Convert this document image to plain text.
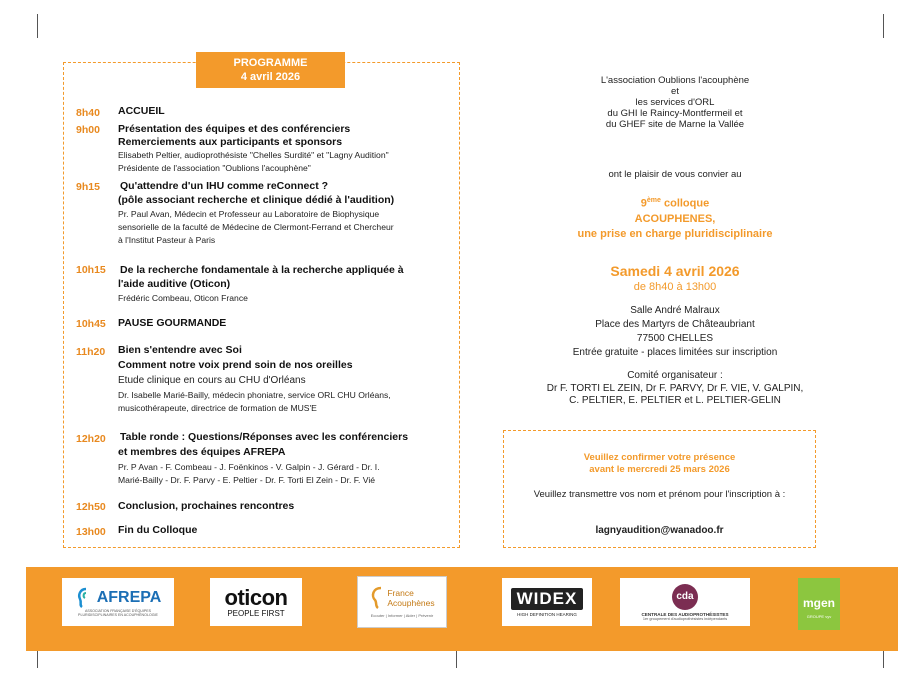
PROGRAMME
4 avril 2026
8h40 ACCUEIL
9h00 Présentation des équipes et des conférenciers
Remerciements aux participants et sponsors
Elisabeth Peltier, audioprothésiste "Chelles Surdité" et "Lagny Audition"
Présidente de l'association "Oublions l'acouphène"
9h15 Qu'attendre d'un IHU comme reConnect ?
(pôle associant recherche et clinique dédié à l'audition)
Pr. Paul Avan, Médecin et Professeur au Laboratoire de Biophysique
sensorielle de la faculté de Médecine de Clermont-Ferrand et Chercheur
à l'Institut Pasteur à Paris
10h15 De la recherche fondamentale à la recherche appliquée à
l'aide auditive (Oticon)
Frédéric Combeau, Oticon France
10h45 PAUSE GOURMANDE
11h20 Bien s'entendre avec Soi
Comment notre voix prend soin de nos oreilles
Etude clinique en cours au CHU d'Orléans
Dr. Isabelle Marié-Bailly, médecin phoniatre, service ORL CHU Orléans,
musicothérapeute, directrice de formation de MUS'E
12h20 Table ronde : Questions/Réponses avec les conférenciers
et membres des équipes AFREPA
Pr. P Avan - F. Combeau - J. Foënkinos - V. Galpin - J. Gérard - Dr. I.
Marié-Bailly - Dr. F. Parvy - E. Peltier - Dr. F. Torti El Zein - Dr. F. Vié
12h50 Conclusion, prochaines rencontres
13h00 Fin du Colloque
L'association Oublions l'acouphène
et
les services d'ORL
du GHI le Raincy-Montfermeil et
du GHEF site de Marne la Vallée
ont le plaisir de vous convier au
9ème colloque
ACOUPHENES,
une prise en charge pluridisciplinaire
Samedi 4 avril 2026
de 8h40 à 13h00
Salle André Malraux
Place des Martyrs de Châteaubriant
77500 CHELLES
Entrée gratuite - places limitées sur inscription
Comité organisateur :
Dr F. TORTI EL ZEIN, Dr F. PARVY, Dr F. VIE, V. GALPIN,
C. PELTIER, E. PELTIER et L. PELTIER-GELIN
Veuillez confirmer votre présence
avant le mercredi 25 mars 2026
Veuillez transmettre vos nom et prénom pour l'inscription à :
lagnyaudition@wanadoo.fr
AFREPA
ASSOCIATION FRANÇAISE D'ÉQUIPES PLURIDISCIPLINAIRES EN ACOUPHÉNOLOGIE
oticon
PEOPLE FIRST
France
Acouphènes
Ecouter | Informer | Aider | Prévenir
WIDEX
HIGH DEFINITION HEARING
cda
CENTRALE DES AUDIOPROTHÉSISTES
1er groupement d'audioprothésistes indépendants
mgen
GROUPE vyv
